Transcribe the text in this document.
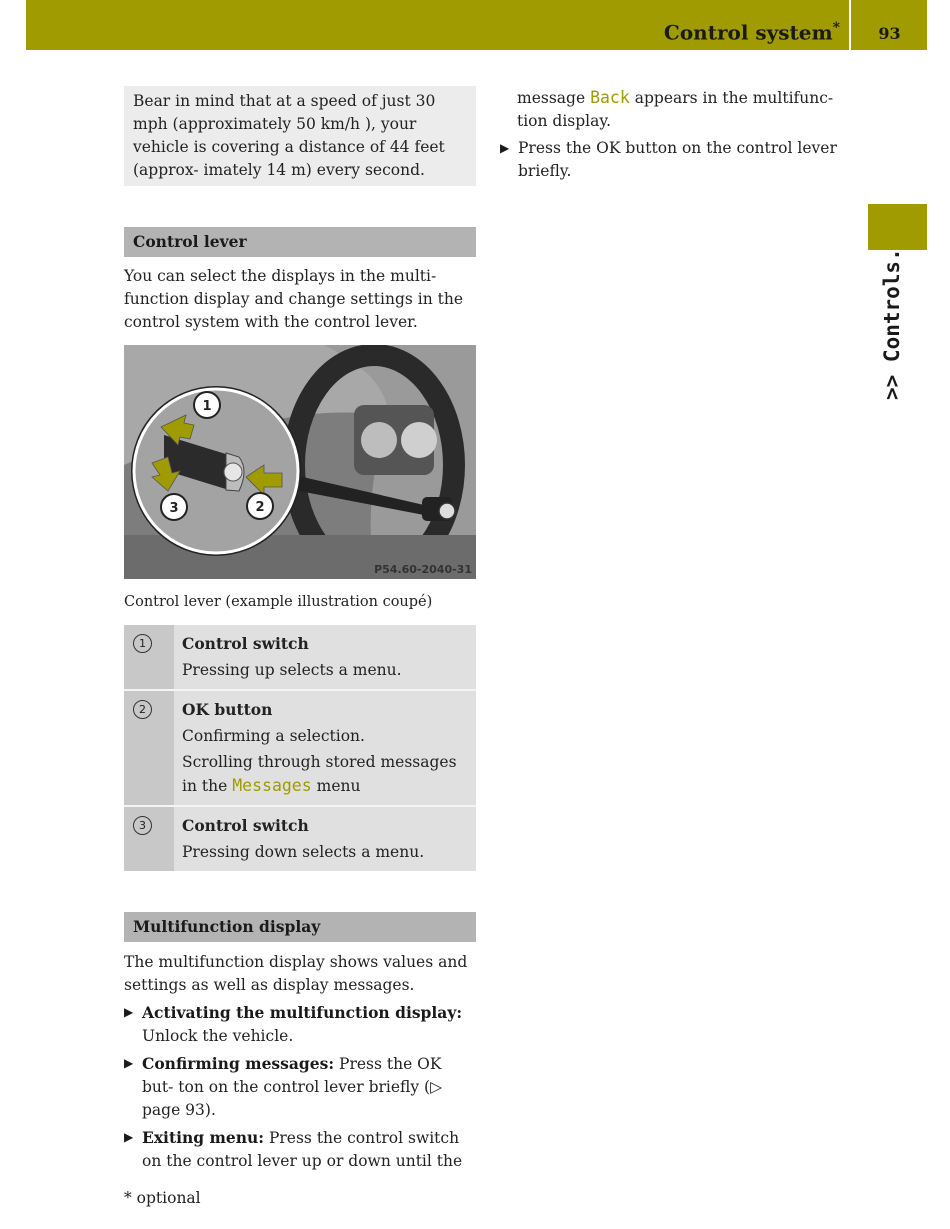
Control system*	93
>> Controls.

Bear in mind that at a speed of just 30 mph (approximately 50 km/h ), your vehicle is covering a distance of 44 feet (approx- imately 14 m) every second.

Control lever

You can select the displays in the multi- function display and change settings in the control system with the control lever.

1
3	2
P54.60-2040-31
Control lever (example illustration coupé)
1	Control switch
Pressing up selects a menu.

2	OK button
Confirming a selection.
Scrolling through stored messages in the Messages menu

3	Control switch
Pressing down selects a menu.
Multifunction display

The multifunction display shows values and settings as well as display messages.

▶ Activating the multifunction display: Unlock the vehicle.
▶ Confirming messages: Press the OK but- ton on the control lever briefly (▷ page 93).
▶ Exiting menu: Press the control switch on the control lever up or down until the

message Back appears in the multifunc- tion display.

▶ Press the OK button on the control lever briefly.
* optional
